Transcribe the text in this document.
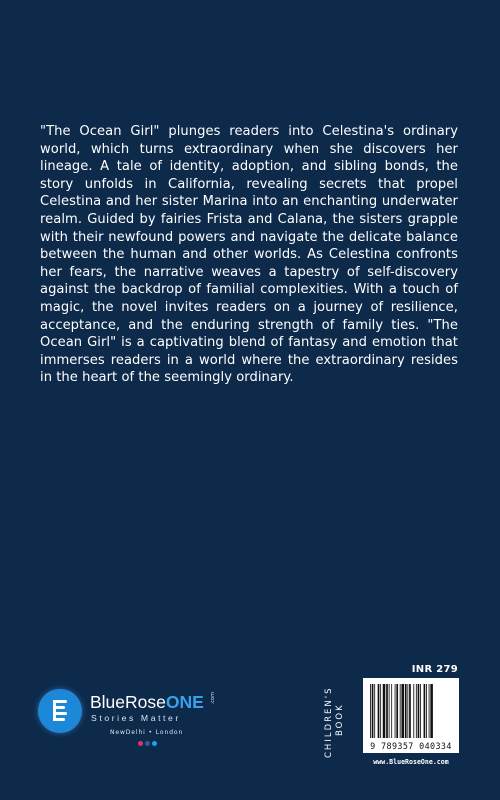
"The Ocean Girl" plunges readers into Celestina's ordinary world, which turns extraordinary when she discovers her lineage. A tale of identity, adoption, and sibling bonds, the story unfolds in California, revealing secrets that propel Celestina and her sister Marina into an enchanting underwater realm. Guided by fairies Frista and Calana, the sisters grapple with their newfound powers and navigate the delicate balance between the human and other worlds. As Celestina confronts her fears, the narrative weaves a tapestry of self-discovery against the backdrop of familial complexities. With a touch of magic, the novel invites readers on a journey of resilience, acceptance, and the enduring strength of family ties. "The Ocean Girl" is a captivating blend of fantasy and emotion that immerses readers in a world where the extraordinary resides in the heart of the seemingly ordinary.

INR 279
BlueRoseONE .com
Stories Matter
NewDelhi • London	CHILDREN'S BOOK
9 789357 040334
www.BlueRoseOne.com
